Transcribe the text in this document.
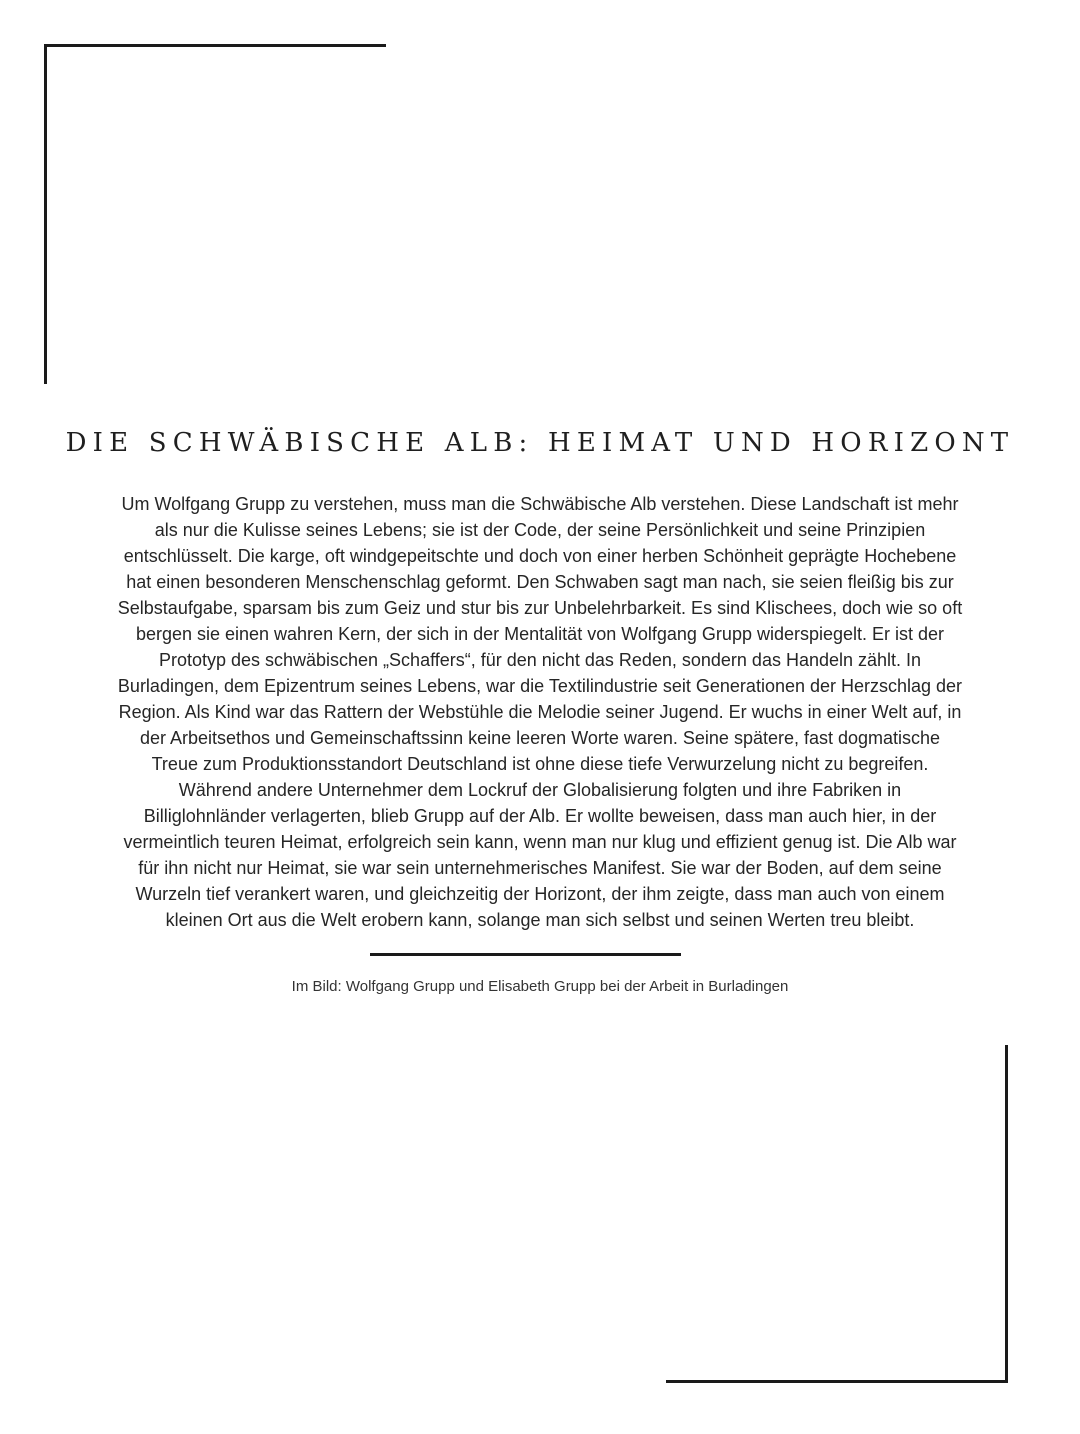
DIE SCHWÄBISCHE ALB: HEIMAT UND HORIZONT
Um Wolfgang Grupp zu verstehen, muss man die Schwäbische Alb verstehen. Diese Landschaft ist mehr
als nur die Kulisse seines Lebens; sie ist der Code, der seine Persönlichkeit und seine Prinzipien
entschlüsselt. Die karge, oft windgepeitschte und doch von einer herben Schönheit geprägte Hochebene
hat einen besonderen Menschenschlag geformt. Den Schwaben sagt man nach, sie seien fleißig bis zur
Selbstaufgabe, sparsam bis zum Geiz und stur bis zur Unbelehrbarkeit. Es sind Klischees, doch wie so oft
bergen sie einen wahren Kern, der sich in der Mentalität von Wolfgang Grupp widerspiegelt. Er ist der
Prototyp des schwäbischen „Schaffers“, für den nicht das Reden, sondern das Handeln zählt. In
Burladingen, dem Epizentrum seines Lebens, war die Textilindustrie seit Generationen der Herzschlag der
Region. Als Kind war das Rattern der Webstühle die Melodie seiner Jugend. Er wuchs in einer Welt auf, in
der Arbeitsethos und Gemeinschaftssinn keine leeren Worte waren. Seine spätere, fast dogmatische
Treue zum Produktionsstandort Deutschland ist ohne diese tiefe Verwurzelung nicht zu begreifen.
Während andere Unternehmer dem Lockruf der Globalisierung folgten und ihre Fabriken in
Billiglohnländer verlagerten, blieb Grupp auf der Alb. Er wollte beweisen, dass man auch hier, in der
vermeintlich teuren Heimat, erfolgreich sein kann, wenn man nur klug und effizient genug ist. Die Alb war
für ihn nicht nur Heimat, sie war sein unternehmerisches Manifest. Sie war der Boden, auf dem seine
Wurzeln tief verankert waren, und gleichzeitig der Horizont, der ihm zeigte, dass man auch von einem
kleinen Ort aus die Welt erobern kann, solange man sich selbst und seinen Werten treu bleibt.

Im Bild: Wolfgang Grupp und Elisabeth Grupp bei der Arbeit in Burladingen
